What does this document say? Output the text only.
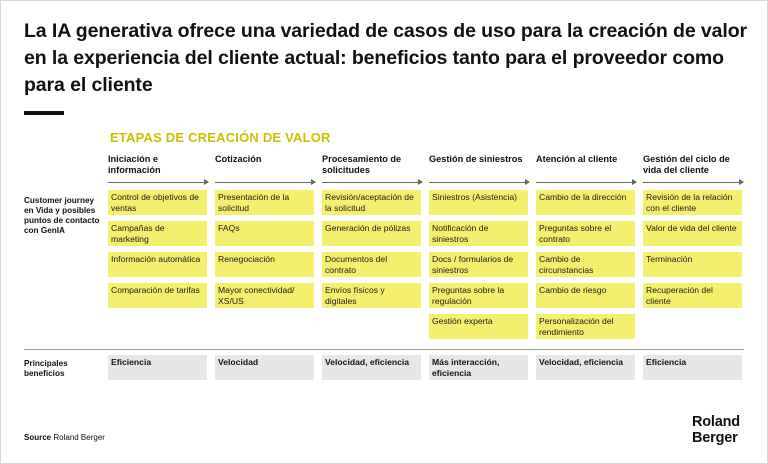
La IA generativa ofrece una variedad de casos de uso para la creación de valor en la experiencia del cliente actual: beneficios tanto para el proveedor como para el cliente
ETAPAS DE CREACIÓN DE VALOR
Customer journey en Vida y posibles puntos de contacto con GenIA
Iniciación e información
Control de objetivos de ventas
Campañas de marketing
Información automática
Comparación de tarifas
Eficiencia
Cotización
Presentación de la solicitud
FAQs
Renegociación
Mayor conectividad/ XS/US
Velocidad
Procesamiento de solicitudes
Revisión/aceptación de la solicitud
Generación de pólizas
Documentos del contrato
Envíos físicos y digitales
Velocidad, eficiencia
Gestión de siniestros
Siniestros (Asistencia)
Notificación de siniestros
Docs / formularios de siniestros
Preguntas sobre la regulación
Gestión experta
Más interacción, eficiencia
Atención al cliente
Cambio de la dirección
Preguntas sobre el contrato
Cambio de circunstancias
Cambio de riesgo
Personalización del rendimiento
Velocidad, eficiencia
Gestión del ciclo de vida del cliente
Revisión de la relación con el cliente
Valor de vida del cliente
Terminación
Recuperación del cliente
Eficiencia
Principales beneficios
Source Roland Berger
Roland
Berger
